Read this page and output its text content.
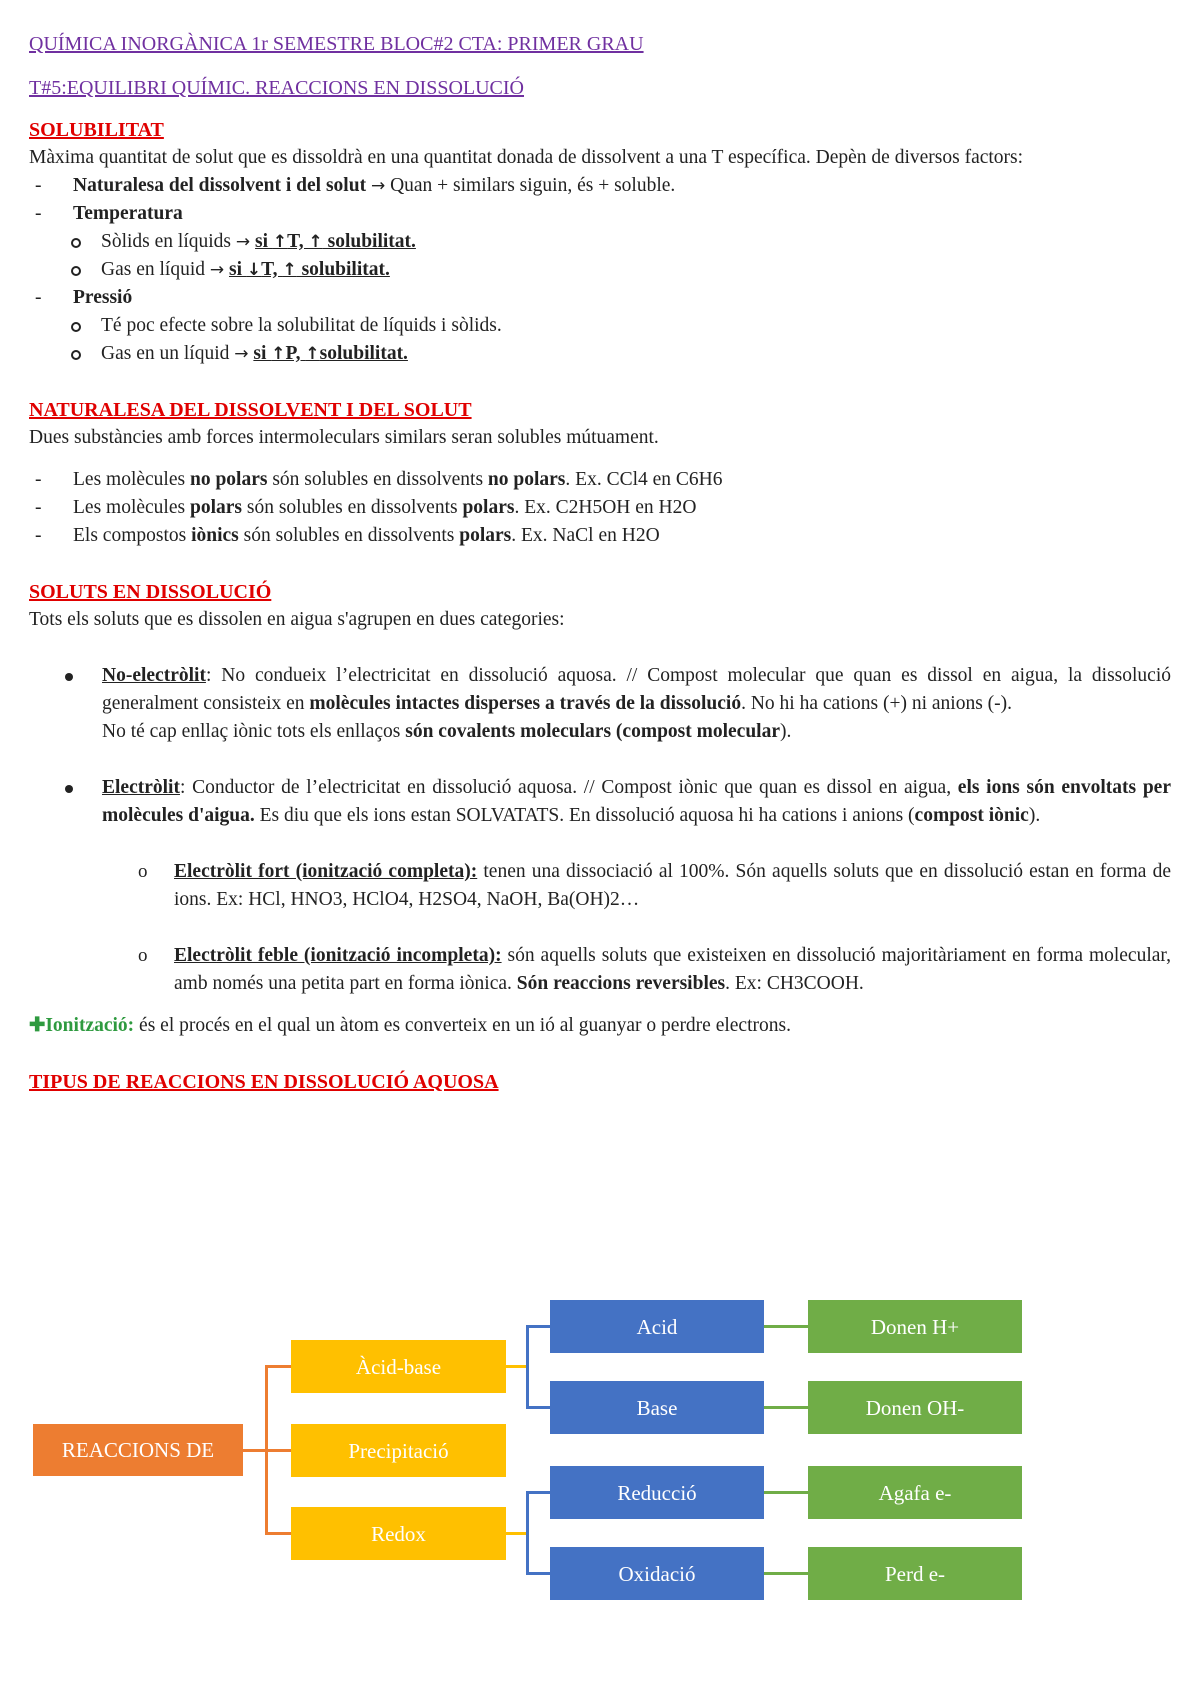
QUÍMICA INORGÀNICA 1r SEMESTRE BLOC#2 CTA: PRIMER GRAU

T#5:EQUILIBRI QUÍMIC. REACCIONS EN DISSOLUCIÓ

SOLUBILITAT

Màxima quantitat de solut que es dissoldrà en una quantitat donada de dissolvent a una T específica. Depèn de diversos factors:

- Naturalesa del dissolvent i del solut → Quan + similars siguin, és + soluble.
- Temperatura
Sòlids en líquids → si ↑T, ↑ solubilitat.
Gas en líquid → si ↓T, ↑ solubilitat.
- Pressió
Té poc efecte sobre la solubilitat de líquids i sòlids.
Gas en un líquid → si ↑P, ↑solubilitat.

NATURALESA DEL DISSOLVENT I DEL SOLUT

Dues substàncies amb forces intermoleculars similars seran solubles mútuament.

- Les molècules no polars són solubles en dissolvents no polars. Ex. CCl4 en C6H6
- Les molècules polars són solubles en dissolvents polars. Ex. C2H5OH en H2O
- Els compostos iònics són solubles en dissolvents polars. Ex. NaCl en H2O

SOLUTS EN DISSOLUCIÓ

Tots els soluts que es dissolen en aigua s'agrupen en dues categories:

No-electròlit: No condueix l’electricitat en dissolució aquosa. // Compost molecular que quan es dissol en aigua, la dissolució generalment consisteix en molècules intactes disperses a través de la dissolució. No hi ha cations (+) ni anions (-).
No té cap enllaç iònic tots els enllaços són covalents moleculars (compost molecular).
Electròlit: Conductor de l’electricitat en dissolució aquosa. // Compost iònic que quan es dissol en aigua, els ions són envoltats per molècules d'aigua. Es diu que els ions estan SOLVATATS. En dissolució aquosa hi ha cations i anions (compost iònic).
o Electròlit fort (ionització completa): tenen una dissociació al 100%. Són aquells soluts que en dissolució estan en forma de ions. Ex: HCl, HNO3, HClO4, H2SO4, NaOH, Ba(OH)2…
o Electròlit feble (ionització incompleta): són aquells soluts que existeixen en dissolució majoritàriament en forma molecular, amb només una petita part en forma iònica. Són reaccions reversibles. Ex: CH3COOH.

✚Ionització: és el procés en el qual un àtom es converteix en un ió al guanyar o perdre electrons.

TIPUS DE REACCIONS EN DISSOLUCIÓ AQUOSA

REACCIONS DE
Àcid-base
Precipitació
Redox
Acid
Base
Reducció
Oxidació
Donen H+
Donen OH-
Agafa e-
Perd e-
